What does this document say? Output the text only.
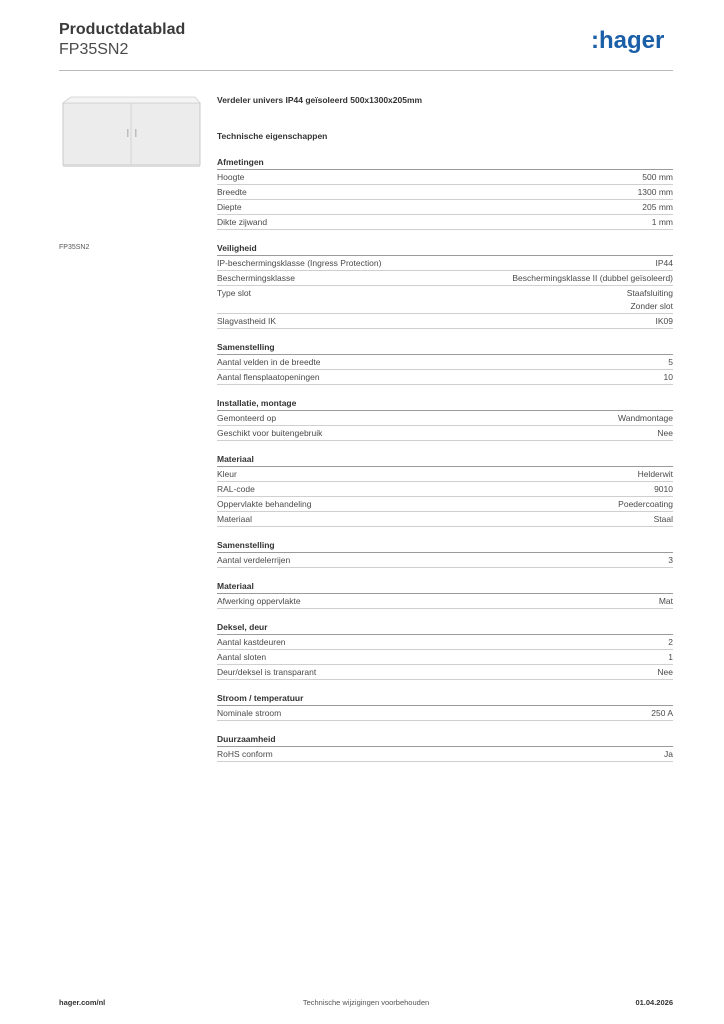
Productdatablad
FP35SN2	:hager
FP35SN2
Verdeler univers IP44 geïsoleerd 500x1300x205mm
Technische eigenschappen
Afmetingen
Hoogte	500 mm
Breedte	1300 mm
Diepte	205 mm
Dikte zijwand	1 mm
Veiligheid
IP-beschermingsklasse (Ingress Protection)	IP44
Beschermingsklasse	Beschermingsklasse II (dubbel geïsoleerd)
Type slot	Staafsluiting
Zonder slot
Slagvastheid IK	IK09
Samenstelling
Aantal velden in de breedte	5
Aantal flensplaatopeningen	10
Installatie, montage
Gemonteerd op	Wandmontage
Geschikt voor buitengebruik	Nee
Materiaal
Kleur	Helderwit
RAL-code	9010
Oppervlakte behandeling	Poedercoating
Materiaal	Staal
Samenstelling
Aantal verdelerrijen	3
Materiaal
Afwerking oppervlakte	Mat
Deksel, deur
Aantal kastdeuren	2
Aantal sloten	1
Deur/deksel is transparant	Nee
Stroom / temperatuur
Nominale stroom	250 A
Duurzaamheid
RoHS conform	Ja
hager.com/nl	Technische wijzigingen voorbehouden	01.04.2026
